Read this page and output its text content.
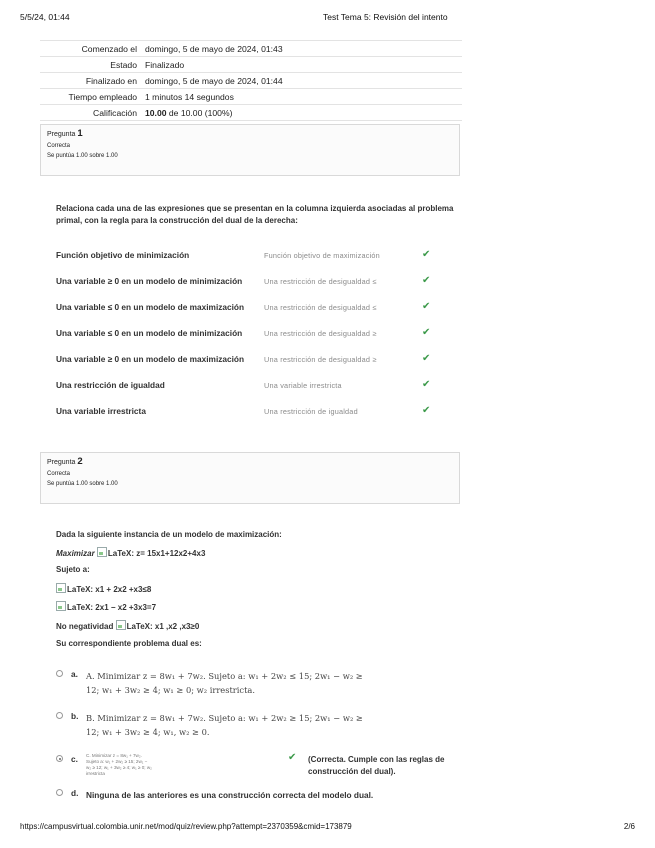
5/5/24, 01:44	Test Tema 5: Revisión del intento
Comenzado el	domingo, 5 de mayo de 2024, 01:43
Estado	Finalizado
Finalizado en	domingo, 5 de mayo de 2024, 01:44
Tiempo empleado	1 minutos 14 segundos
Calificación	10.00 de 10.00 (100%)
Pregunta 1
Correcta
Se puntúa 1.00 sobre 1.00
Relaciona cada una de las expresiones que se presentan en la columna izquierda asociadas al problema primal, con la regla para la construcción del dual de la derecha:
Función objetivo de minimización	Función objetivo de maximización	✔
Una variable ≥ 0 en un modelo de minimización	Una restricción de desigualdad ≤	✔
Una variable ≤ 0 en un modelo de maximización	Una restricción de desigualdad ≤	✔
Una variable ≤ 0 en un modelo de minimización	Una restricción de desigualdad ≥	✔
Una variable ≥ 0 en un modelo de maximización	Una restricción de desigualdad ≥	✔
Una restricción de igualdad	Una variable irrestricta	✔
Una variable irrestricta	Una restricción de igualdad	✔
Pregunta 2
Correcta
Se puntúa 1.00 sobre 1.00
Dada la siguiente instancia de un modelo de maximización:
Maximizar LaTeX: z= 15x1+12x2+4x3
Sujeto a:
LaTeX: x1 + 2x2 +x3≤8
LaTeX: 2x1 − x2 +3x3=7
No negatividad LaTeX: x1 ,x2 ,x3≥0
Su correspondiente problema dual es:
a. A. Minimizar z = 8w₁ + 7w₂. Sujeto a: w₁ + 2w₂ ≤ 15; 2w₁ − w₂ ≥
12; w₁ + 3w₂ ≥ 4; w₁ ≥ 0; w₂ irrestricta.
b. B. Minimizar z = 8w₁ + 7w₂. Sujeto a: w₁ + 2w₂ ≥ 15; 2w₁ − w₂ ≥
12; w₁ + 3w₂ ≥ 4; w₁, w₂ ≥ 0.
c. C. Minimizar z = 8w₁ + 7w₂. Sujeto a: w₁ + 2w₂ ≥ 15; 2w₁ − w₂ ≥ 12; w₁ + 3w₂ ≥ 4; w₁ ≥ 0; w₂ irrestricta
✔ (Correcta. Cumple con las reglas de construcción del dual).
d. Ninguna de las anteriores es una construcción correcta del modelo dual.
https://campusvirtual.colombia.unir.net/mod/quiz/review.php?attempt=2370359&cmid=173879	2/6
